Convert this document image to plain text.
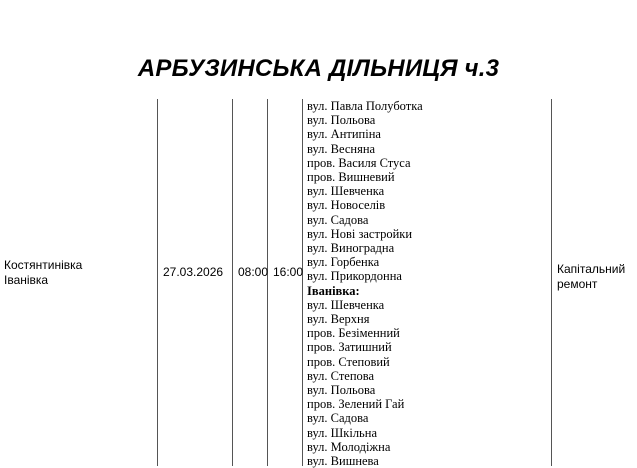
АРБУЗИНСЬКА ДІЛЬНИЦЯ ч.3
Костянтинівка
Іванівка
27.03.2026 08:00 16:00	Капітальний
ремонт
вул. Павла Полуботка
вул. Польова
вул. Антипіна
вул. Весняна
пров. Василя Стуса
пров. Вишневий
вул. Шевченка
вул. Новоселів
вул. Садова
вул. Нові застройки
вул. Виноградна
вул. Горбенка
вул. Прикордонна
Іванівка:
вул. Шевченка
вул. Верхня
пров. Безіменний
пров. Затишний
пров. Степовий
вул. Степова
вул. Польова
пров. Зелений Гай
вул. Садова
вул. Шкільна
вул. Молодіжна
вул. Вишнева
